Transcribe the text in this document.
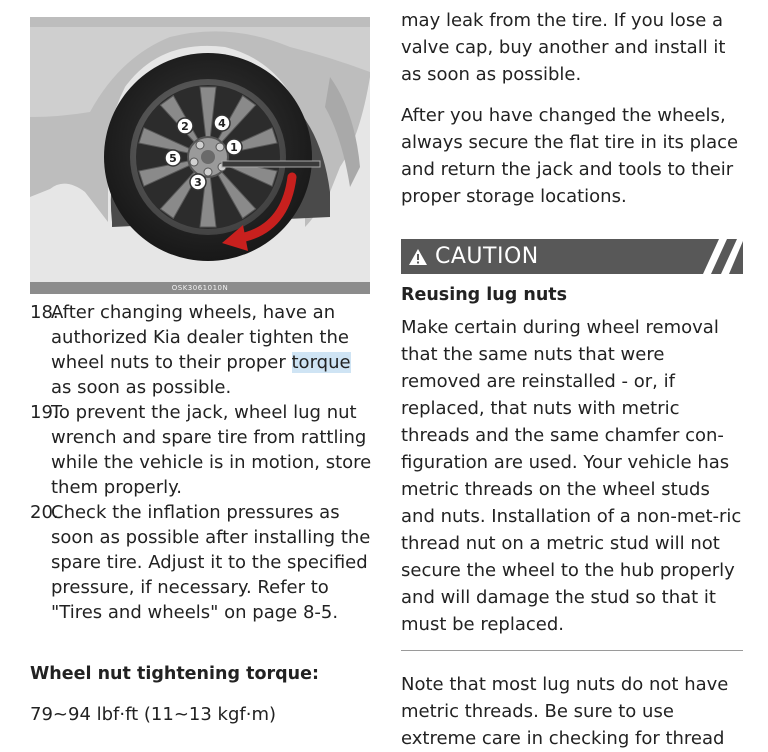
1
2
3
4
5
OSK3061010N
18.
After changing wheels, have an authorized Kia dealer tighten the wheel nuts to their proper torque as soon as possible.
19.
To prevent the jack, wheel lug nut wrench and spare tire from rattling while the vehicle is in motion, store them properly.
20.
Check the inflation pressures as soon as possible after installing the spare tire. Adjust it to the specified pressure, if necessary. Refer to "Tires and wheels" on page 8-5.
Wheel nut tightening torque:
79~94 lbf·ft (11~13 kgf·m)

may leak from the tire. If you lose a valve cap, buy another and install it as soon as possible.

After you have changed the wheels, always secure the flat tire in its place and return the jack and tools to their proper storage locations.

CAUTION
Reusing lug nuts

Make certain during wheel removal that the same nuts that were removed are reinstalled - or, if replaced, that nuts with metric threads and the same chamfer con-figuration are used. Your vehicle has metric threads on the wheel studs and nuts. Installation of a non-met-ric thread nut on a metric stud will not secure the wheel to the hub properly and will damage the stud so that it must be replaced.

Note that most lug nuts do not have metric threads. Be sure to use extreme care in checking for thread
